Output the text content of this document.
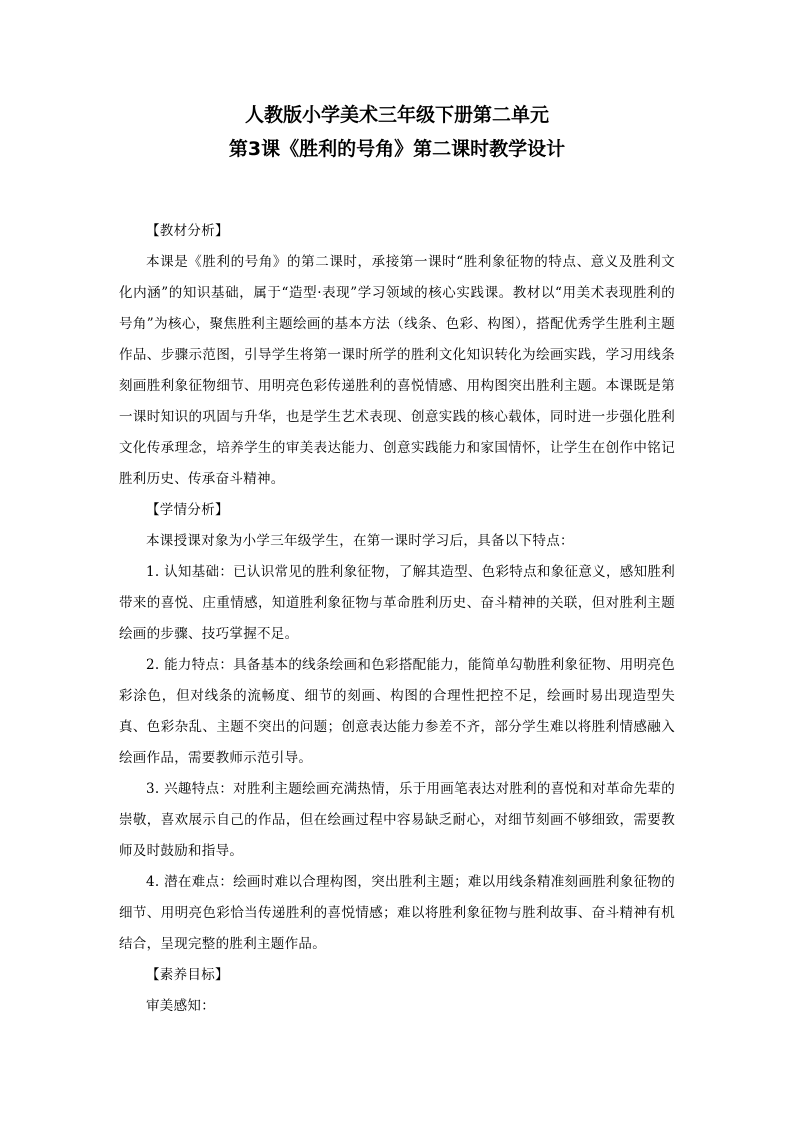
人教版小学美术三年级下册第二单元
第3课《胜利的号角》第二课时教学设计

【教材分析】

本课是《胜利的号角》的第二课时，承接第一课时“胜利象征物的特点、意义及胜利文化内涵”的知识基础，属于“造型·表现”学习领域的核心实践课。教材以“用美术表现胜利的号角”为核心，聚焦胜利主题绘画的基本方法（线条、色彩、构图），搭配优秀学生胜利主题作品、步骤示范图，引导学生将第一课时所学的胜利文化知识转化为绘画实践，学习用线条刻画胜利象征物细节、用明亮色彩传递胜利的喜悦情感、用构图突出胜利主题。本课既是第一课时知识的巩固与升华，也是学生艺术表现、创意实践的核心载体，同时进一步强化胜利文化传承理念，培养学生的审美表达能力、创意实践能力和家国情怀，让学生在创作中铭记胜利历史、传承奋斗精神。

【学情分析】

本课授课对象为小学三年级学生，在第一课时学习后，具备以下特点：

1. 认知基础：已认识常见的胜利象征物，了解其造型、色彩特点和象征意义，感知胜利带来的喜悦、庄重情感，知道胜利象征物与革命胜利历史、奋斗精神的关联，但对胜利主题绘画的步骤、技巧掌握不足。

2. 能力特点：具备基本的线条绘画和色彩搭配能力，能简单勾勒胜利象征物、用明亮色彩涂色，但对线条的流畅度、细节的刻画、构图的合理性把控不足，绘画时易出现造型失真、色彩杂乱、主题不突出的问题；创意表达能力参差不齐，部分学生难以将胜利情感融入绘画作品，需要教师示范引导。

3. 兴趣特点：对胜利主题绘画充满热情，乐于用画笔表达对胜利的喜悦和对革命先辈的崇敬，喜欢展示自己的作品，但在绘画过程中容易缺乏耐心，对细节刻画不够细致，需要教师及时鼓励和指导。

4. 潜在难点：绘画时难以合理构图，突出胜利主题；难以用线条精准刻画胜利象征物的细节、用明亮色彩恰当传递胜利的喜悦情感；难以将胜利象征物与胜利故事、奋斗精神有机结合，呈现完整的胜利主题作品。

【素养目标】

审美感知：
